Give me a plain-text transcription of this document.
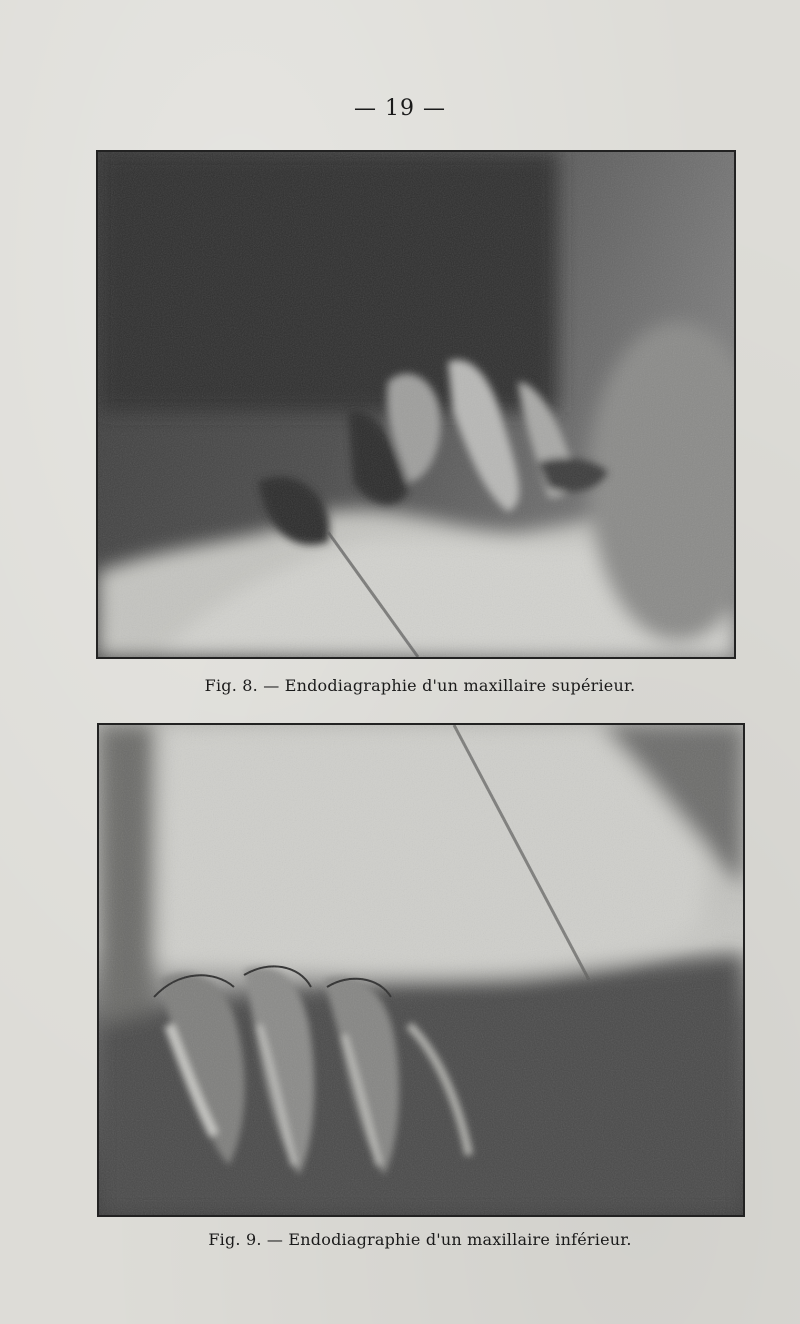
— 19 —
Fig. 8. — Endodiagraphie d'un maxillaire supérieur.
Fig. 9. — Endodiagraphie d'un maxillaire inférieur.
